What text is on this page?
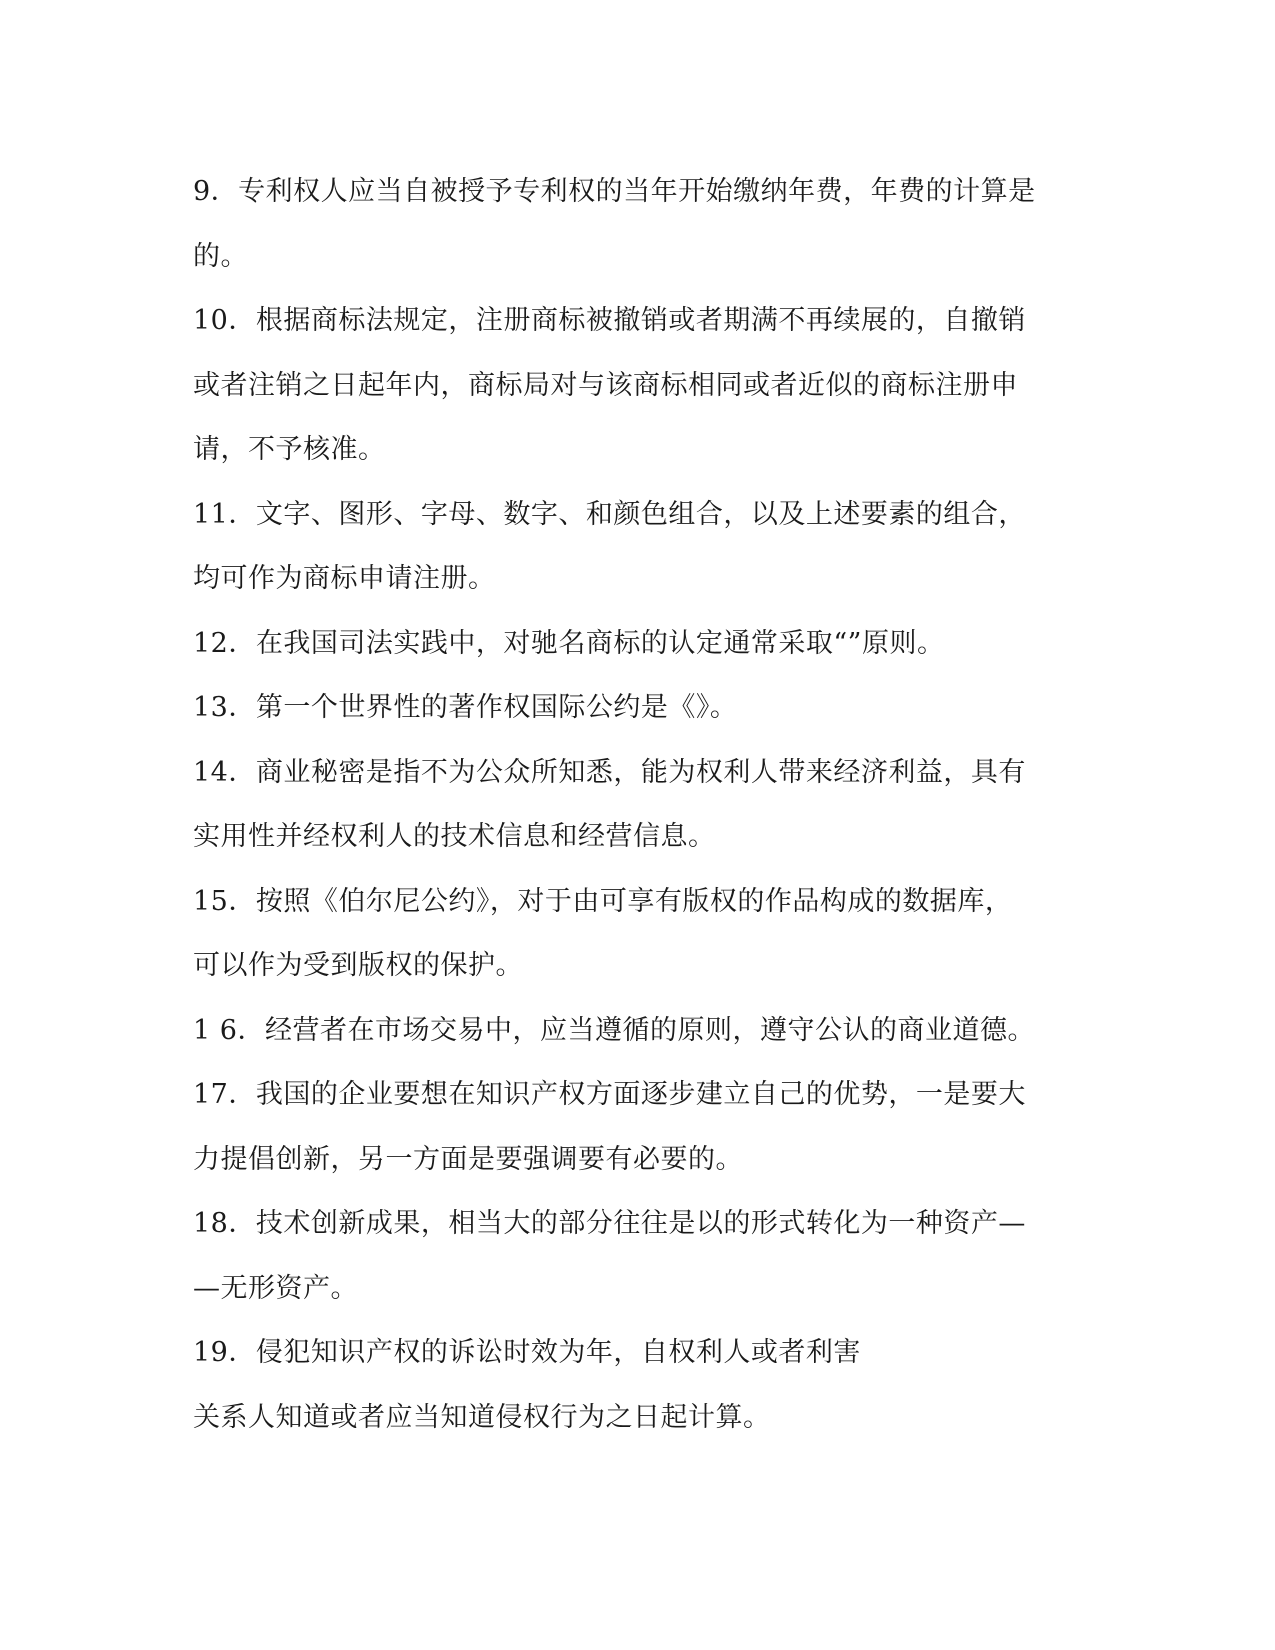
9．专利权人应当自被授予专利权的当年开始缴纳年费，年费的计算是
的。
10．根据商标法规定，注册商标被撤销或者期满不再续展的，自撤销
或者注销之日起年内，商标局对与该商标相同或者近似的商标注册申
请，不予核准。
11．文字、图形、字母、数字、和颜色组合，以及上述要素的组合，
均可作为商标申请注册。
12．在我国司法实践中，对驰名商标的认定通常采取“”原则。
13．第一个世界性的著作权国际公约是《》。
14．商业秘密是指不为公众所知悉，能为权利人带来经济利益，具有
实用性并经权利人的技术信息和经营信息。
15．按照《伯尔尼公约》，对于由可享有版权的作品构成的数据库，
可以作为受到版权的保护。
1 6．经营者在市场交易中，应当遵循的原则，遵守公认的商业道德。
17．我国的企业要想在知识产权方面逐步建立自己的优势，一是要大
力提倡创新，另一方面是要强调要有必要的。
18．技术创新成果，相当大的部分往往是以的形式转化为一种资产—
—无形资产。
19．侵犯知识产权的诉讼时效为年，自权利人或者利害
关系人知道或者应当知道侵权行为之日起计算。
